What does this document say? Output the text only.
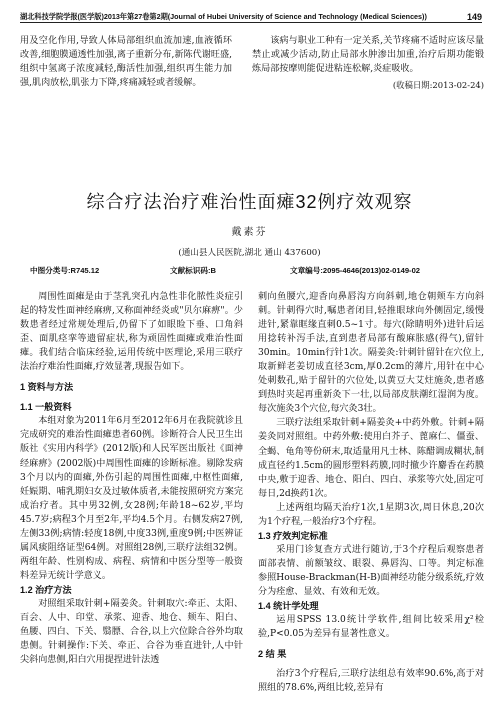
湖北科技学院学报(医学版)2013年第27卷第2期(Journal of Hubei University of Science and Technology (Medical Sciences))	149

用及空化作用,导致人体局部组织血流加速,血液循环改善,细胞膜通透性加强,离子重新分布,新陈代谢旺盛,组织中氢离子浓度减轻,酶活性加强,组织再生能力加强,肌肉放松,肌张力下降,疼痛减轻或者缓解。

该病与职业工种有一定关系,关节疼痛不适时应该尽量禁止或减少活动,防止局部水肿渗出加重,治疗后期功能锻炼局部按摩则能促进粘连松解,炎症吸收。

(收稿日期:2013-02-24)
综合疗法治疗难治性面瘫32例疗效观察
戴素芬
(通山县人民医院,湖北 通山 437600)
中图分类号:R745.12	文献标识码:B	文章编号:2095-4646(2013)02-0149-02

周围性面瘫是由于茎乳突孔内急性非化脓性炎症引起的特发性面神经麻痹,又称面神经炎或"贝尔麻痹"。少数患者经过常规处理后,仍留下了如眼睑下垂、口角斜歪、面肌痉挛等遗留症状,称为顽固性面瘫或难治性面瘫。我们结合临床经验,运用传统中医理论,采用三联疗法治疗难治性面瘫,疗效显著,现报告如下。

1 资料与方法

1.1 一般资料

本组对象为2011年6月至2012年6月在我院就诊且完成研究的难治性面瘫患者60例。诊断符合人民卫生出版社《实用内科学》(2012版)和人民军医出版社《面神经麻痹》(2002版)中周围性面瘫的诊断标准。剔除发病3个月以内的面瘫,外伤引起的周围性面瘫,中枢性面瘫,妊娠期、哺乳期妇女及过敏体质者,未能按照研究方案完成治疗者。其中男32例,女28例;年龄18~62岁,平均45.7岁;病程3个月至2年,平均4.5个月。右侧发病27例,左侧33例;病情:轻度18例,中度33例,重度9例;中医辨证属风痰阻络证型64例。对照组28例,三联疗法组32例。两组年龄、性别构成、病程、病情和中医分型等一般资料差异无统计学意义。

1.2 治疗方法

对照组采取针刺+隔姜灸。针刺取穴:牵正、太阳、百会、人中、印堂、承浆、迎香、地仓、颊车、阳白、鱼腰、四白、下关、翳膘、合谷,以上穴位除合谷外均取患侧。针刺操作:下关、牵正、合谷为垂直进针,人中针尖斜向患侧,阳白穴用提捏进针法透

刺向鱼腰穴,迎香向鼻唇沟方向斜刺,地仓朝颊车方向斜刺。针刺得穴时,嘱患者闭目,轻推眼球向外侧固定,缓慢进针,紧靠眶缘直刺0.5~1寸。每穴(除睛明外)进针后运用捻转补泻手法,直到患者局部有酸麻胀感(得气),留针30min。10min行针1次。隔姜灸:针刺针留针在穴位上,取新鲜老姜切成直径3cm,厚0.2cm的薄片,用针在中心处刺数孔,贴于留针的穴位处,以黄豆大艾炷施灸,患者感到热时夹起再重新灸下一壮,以局部皮肤潮红湿润为度。每次施灸3个穴位,每穴灸3壮。

三联疗法组采取针刺+隔姜灸+中药外敷。针刺+隔姜灸同对照组。中药外敷:使用白芥子、蓖麻仁、僵蚕、全蝎、龟角等份研末,取适量用凡士林、陈醋调成糊状,制成直径约1.5cm的圆形塑料药膜,同时撤少许麝香在药膜中央,敷于迎香、地仓、阳白、四白、承浆等穴处,固定可每日,2d换药1次。

上述两组均隔天治疗1次,1星期3次,周日休息,20次为1个疗程,一般治疗3个疗程。

1.3 疗效判定标准

采用门诊复查方式进行随访,于3个疗程后观察患者面部表情、前额皱纹、眼裂、鼻唇沟、口等。判定标准参照House-Brackman(H-B)面神经功能分级系统,疗效分为痊愈、显效、有效和无效。

1.4 统计学处理

运用SPSS 13.0统计学软件,组间比较采用χ²检验,P<0.05为差异有显著性意义。

2 结 果

治疗3个疗程后,三联疗法组总有效率90.6%,高于对照组的78.6%,两组比较,差异有
